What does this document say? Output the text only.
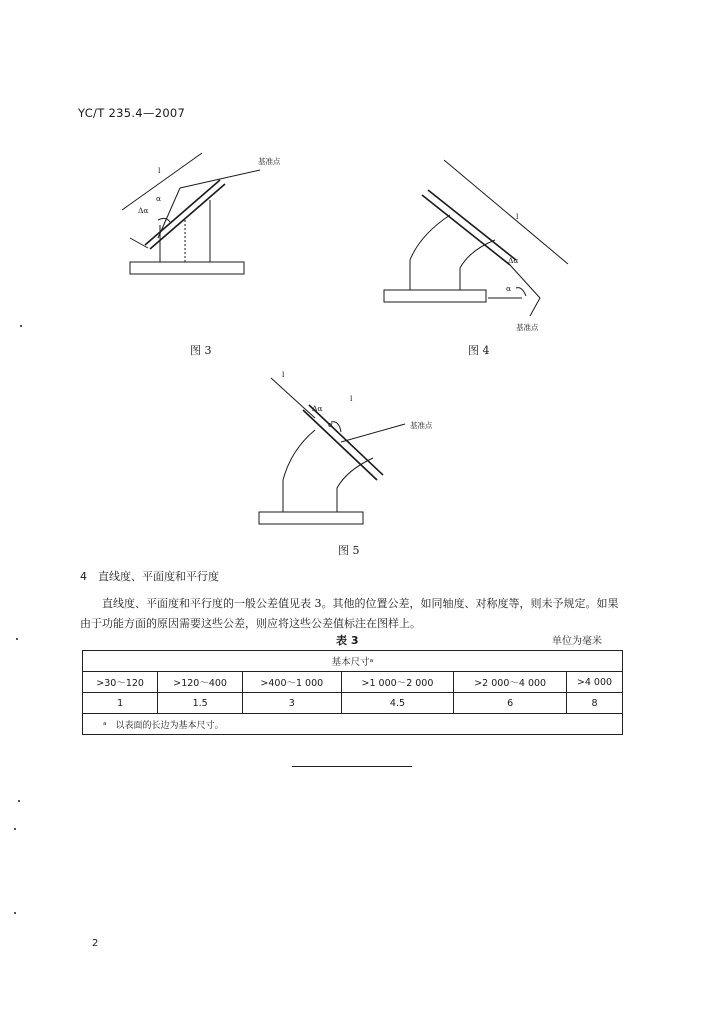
YC/T 235.4—2007
基准点
l
α
Δα
图 3
l
Δα
α
基准点
图 4
l
l
Δα
α	基准点
图 5
4　直线度、平面度和平行度
直线度、平面度和平行度的一般公差值见表 3。其他的位置公差，如同轴度、对称度等，则未予规定。如果由于功能方面的原因需要这些公差，则应将这些公差值标注在图样上。
表 3	单位为毫米
基本尺寸ᵃ					
>30～120	>120～400	>400～1 000	>1 000～2 000	>2 000～4 000	>4 000
1	1.5	3	4.5	6	8
ᵃ　以表面的长边为基本尺寸。					
2
